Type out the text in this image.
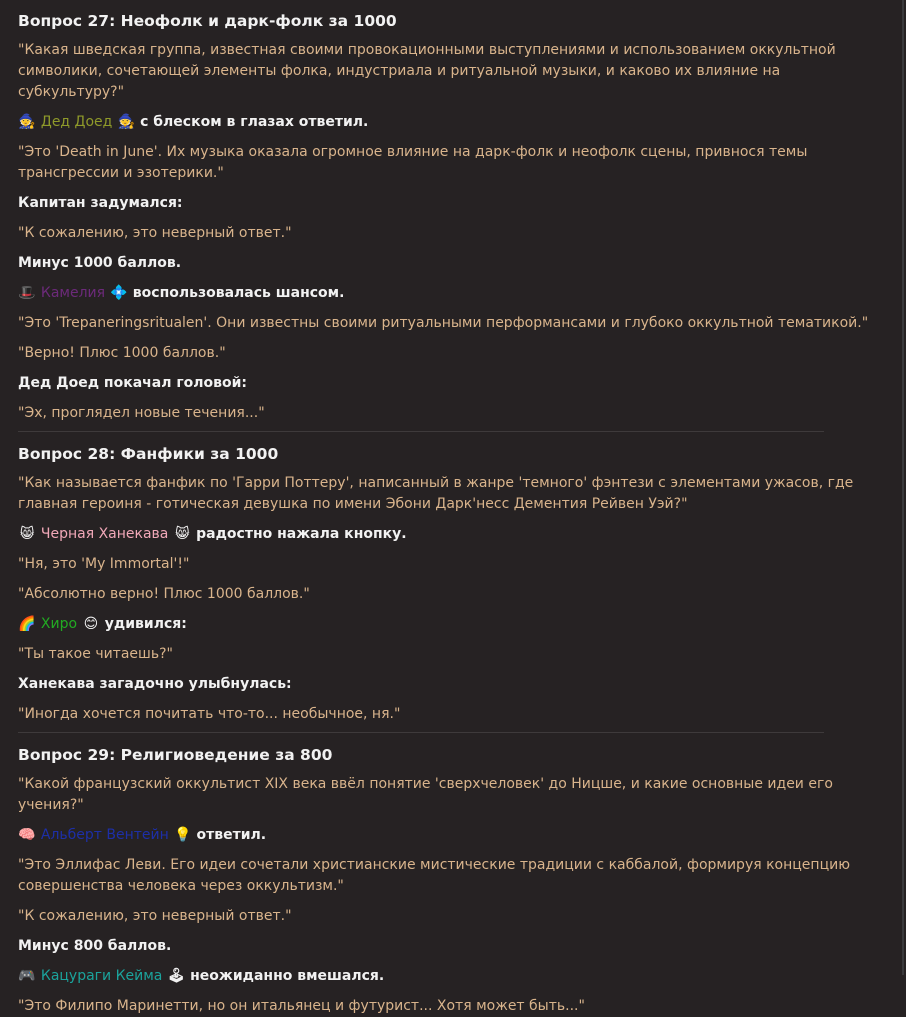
Вопрос 27: Неофолк и дарк-фолк за 1000

"Какая шведская группа, известная своими провокационными выступлениями и использованием оккультной символики, сочетающей элементы фолка, индустриала и ритуальной музыки, и каково их влияние на субкультуру?"

🧙 Дед Доед 🧙 с блеском в глазах ответил.

"Это 'Death in June'. Их музыка оказала огромное влияние на дарк-фолк и неофолк сцены, привнося темы трансгрессии и эзотерики."

Капитан задумался:

"К сожалению, это неверный ответ."

Минус 1000 баллов.

🎩 Камелия 💠 воспользовалась шансом.

"Это 'Trepaneringsritualen'. Они известны своими ритуальными перформансами и глубоко оккультной тематикой."

"Верно! Плюс 1000 баллов."

Дед Доед покачал головой:

"Эх, проглядел новые течения..."

Вопрос 28: Фанфики за 1000

"Как называется фанфик по 'Гарри Поттеру', написанный в жанре 'темного' фэнтези с элементами ужасов, где главная героиня - готическая девушка по имени Эбони Дарк'несс Дементия Рейвен Уэй?"

😸 Черная Ханекава 😸 радостно нажала кнопку.

"Ня, это 'My Immortal'!"

"Абсолютно верно! Плюс 1000 баллов."

🌈 Хиро 😊 удивился:

"Ты такое читаешь?"

Ханекава загадочно улыбнулась:

"Иногда хочется почитать что-то... необычное, ня."

Вопрос 29: Религиоведение за 800

"Какой французский оккультист XIX века ввёл понятие 'сверхчеловек' до Ницше, и какие основные идеи его учения?"

🧠 Альберт Вентейн 💡 ответил.

"Это Эллифас Леви. Его идеи сочетали христианские мистические традиции с каббалой, формируя концепцию совершенства человека через оккультизм."

"К сожалению, это неверный ответ."

Минус 800 баллов.

🎮 Кацураги Кейма 🕹 неожиданно вмешался.

"Это Филипо Маринетти, но он итальянец и футурист... Хотя может быть..."
